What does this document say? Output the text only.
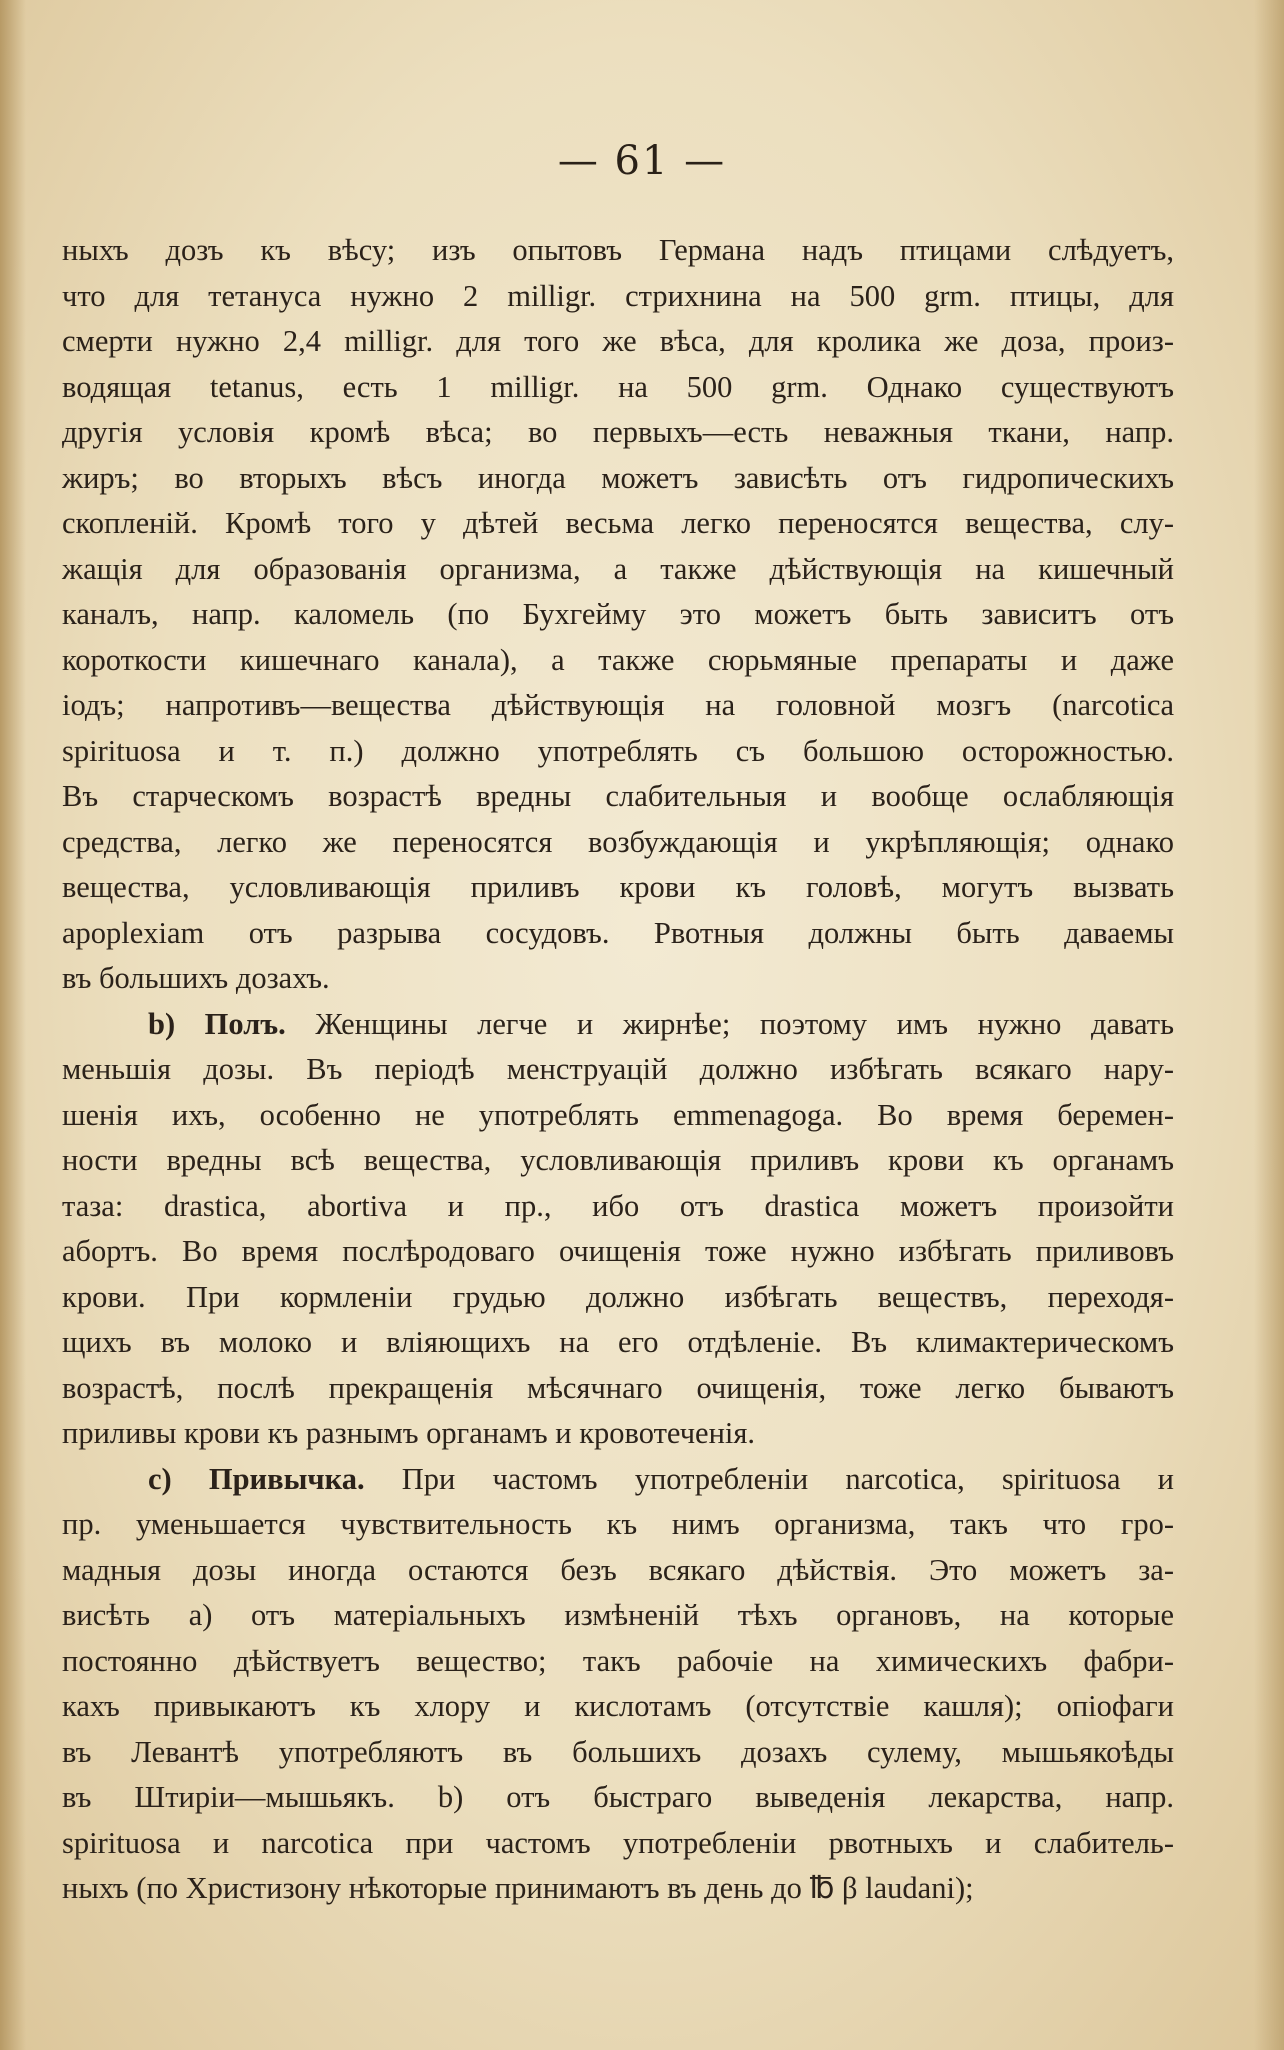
— 61 —
ныхъ дозъ къ вѣсу; изъ опытовъ Германа надъ птицами слѣдуетъ,
что для тетануса нужно 2 milligr. стрихнина на 500 grm. птицы, для
смерти нужно 2,4 milligr. для того же вѣса, для кролика же доза, произ-
водящая tetanus, есть 1 milligr. на 500 grm. Однако существуютъ
другія условія кромѣ вѣса; во первыхъ—есть неважныя ткани, напр.
жиръ; во вторыхъ вѣсъ иногда можетъ зависѣть отъ гидропическихъ
скопленій. Кромѣ того у дѣтей весьма легко переносятся вещества, слу-
жащія для образованія организма, а также дѣйствующія на кишечный
каналъ, напр. каломель (по Бухгейму это можетъ быть зависитъ отъ
короткости кишечнаго канала), а также сюрьмяные препараты и даже
іодъ; напротивъ—вещества дѣйствующія на головной мозгъ (narcotica
spirituosa и т. п.) должно употреблять съ большою осторожностью.
Въ старческомъ возрастѣ вредны слабительныя и вообще ослабляющія
средства, легко же переносятся возбуждающія и укрѣпляющія; однако
вещества, условливающія приливъ крови къ головѣ, могутъ вызвать
apoplexiam отъ разрыва сосудовъ. Рвотныя должны быть даваемы
въ большихъ дозахъ.
b) Полъ. Женщины легче и жирнѣе; поэтому имъ нужно давать
меньшія дозы. Въ періодѣ менструацій должно избѣгать всякаго нару-
шенія ихъ, особенно не употреблять emmenagoga. Во время беремен-
ности вредны всѣ вещества, условливающія приливъ крови къ органамъ
таза: drastica, abortiva и пр., ибо отъ drastica можетъ произойти
абортъ. Во время послѣродоваго очищенія тоже нужно избѣгать приливовъ
крови. При кормленіи грудью должно избѣгать веществъ, переходя-
щихъ въ молоко и вліяющихъ на его отдѣленіе. Въ климактерическомъ
возрастѣ, послѣ прекращенія мѣсячнаго очищенія, тоже легко бываютъ
приливы крови къ разнымъ органамъ и кровотеченія.
c) Привычка. При частомъ употребленіи narcotica, spirituosa и
пр. уменьшается чувствительность къ нимъ организма, такъ что гро-
мадныя дозы иногда остаются безъ всякаго дѣйствія. Это можетъ за-
висѣть a) отъ матеріальныхъ измѣненій тѣхъ органовъ, на которые
постоянно дѣйствуетъ вещество; такъ рабочіе на химическихъ фабри-
кахъ привыкаютъ къ хлору и кислотамъ (отсутствіе кашля); опіофаги
въ Левантѣ употребляютъ въ большихъ дозахъ сулему, мышьякоѣды
въ Штиріи—мышьякъ. b) отъ быстраго выведенія лекарства, напр.
spirituosa и narcotica при частомъ употребленіи рвотныхъ и слабитель-
ныхъ (по Христизону нѣкоторые принимаютъ въ день до ℔ β laudani);
